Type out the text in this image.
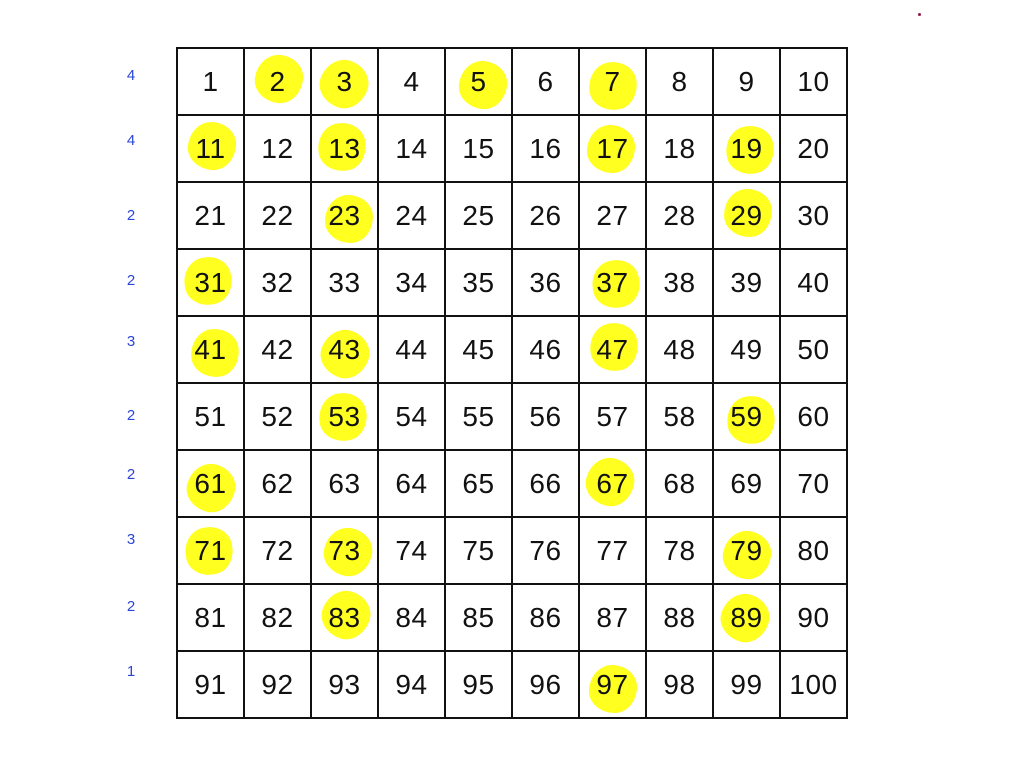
4
4
2
2
3
2
2
3
2
1
1 2 3 4 5 6 7 8 9 10
11 12 13 14 15 16 17 18 19 20
21 22 23 24 25 26 27 28 29 30
31 32 33 34 35 36 37 38 39 40
41 42 43 44 45 46 47 48 49 50
51 52 53 54 55 56 57 58 59 60
61 62 63 64 65 66 67 68 69 70
71 72 73 74 75 76 77 78 79 80
81 82 83 84 85 86 87 88 89 90
91 92 93 94 95 96 97 98 99 100
